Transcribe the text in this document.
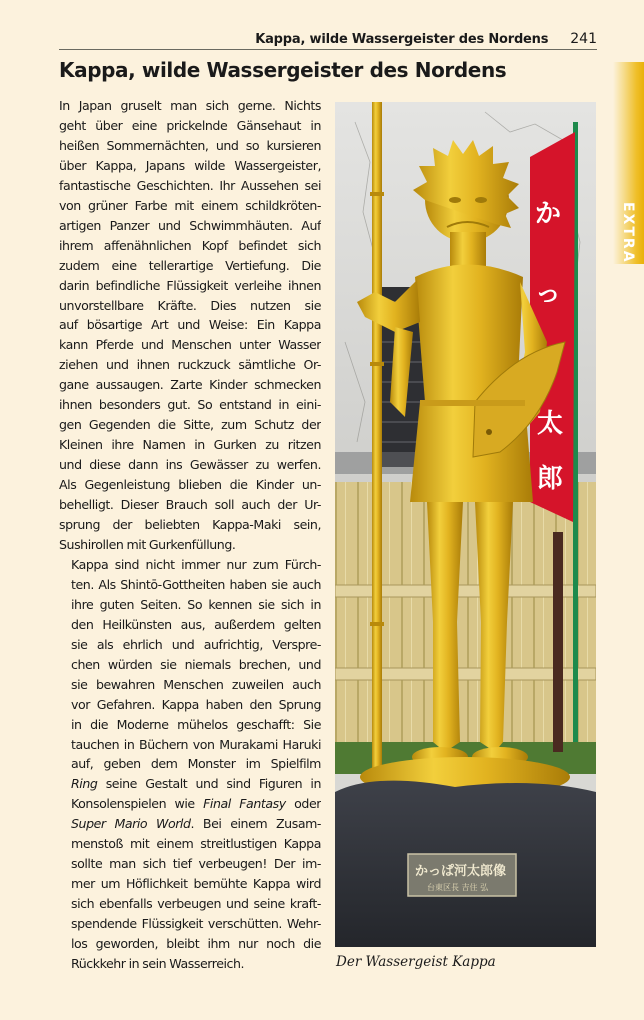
Kappa, wilde Wassergeister des Nordens 241
Kappa, wilde Wassergeister des Nordens
EXTRA

In Japan gruselt man sich gerne. Nichts
geht über eine prickelnde Gänsehaut in
heißen Sommernächten, und so kursieren
über Kappa, Japans wilde Wassergeister,
fantastische Geschichten. Ihr Aussehen sei
von grüner Farbe mit einem schildkröten-
artigen Panzer und Schwimmhäuten. Auf
ihrem affenähnlichen Kopf befindet sich
zudem eine tellerartige Vertiefung. Die
darin befindliche Flüssigkeit verleihe ihnen
unvorstellbare Kräfte. Dies nutzen sie
auf bösartige Art und Weise: Ein Kappa
kann Pferde und Menschen unter Wasser
ziehen und ihnen ruckzuck sämtliche Or-
gane aussaugen. Zarte Kinder schmecken
ihnen besonders gut. So entstand in eini-
gen Gegenden die Sitte, zum Schutz der
Kleinen ihre Namen in Gurken zu ritzen
und diese dann ins Gewässer zu werfen.
Als Gegenleistung blieben die Kinder un-
behelligt. Dieser Brauch soll auch der Ur-
sprung der beliebten Kappa-Maki sein,
Sushirollen mit Gurkenfüllung.

Kappa sind nicht immer nur zum Fürch-
ten. Als Shintō-Gottheiten haben sie auch
ihre guten Seiten. So kennen sie sich in
den Heilkünsten aus, außerdem gelten
sie als ehrlich und aufrichtig, Verspre-
chen würden sie niemals brechen, und
sie bewahren Menschen zuweilen auch
vor Gefahren. Kappa haben den Sprung
in die Moderne mühelos geschafft: Sie
tauchen in Büchern von Murakami Haruki
auf, geben dem Monster im Spielfilm
Ring seine Gestalt und sind Figuren in
Konsolenspielen wie Final Fantasy oder
Super Mario World. Bei einem Zusam-
menstoß mit einem streitlustigen Kappa
sollte man sich tief verbeugen! Der im-
mer um Höflichkeit bemühte Kappa wird
sich ebenfalls verbeugen und seine kraft-
spendende Flüssigkeit verschütten. Wehr-
los geworden, bleibt ihm nur noch die
Rückkehr in sein Wasserreich.

か
っ
太
郎
かっぱ河太郎像
台東区長 吉住 弘
Der Wassergeist Kappa
